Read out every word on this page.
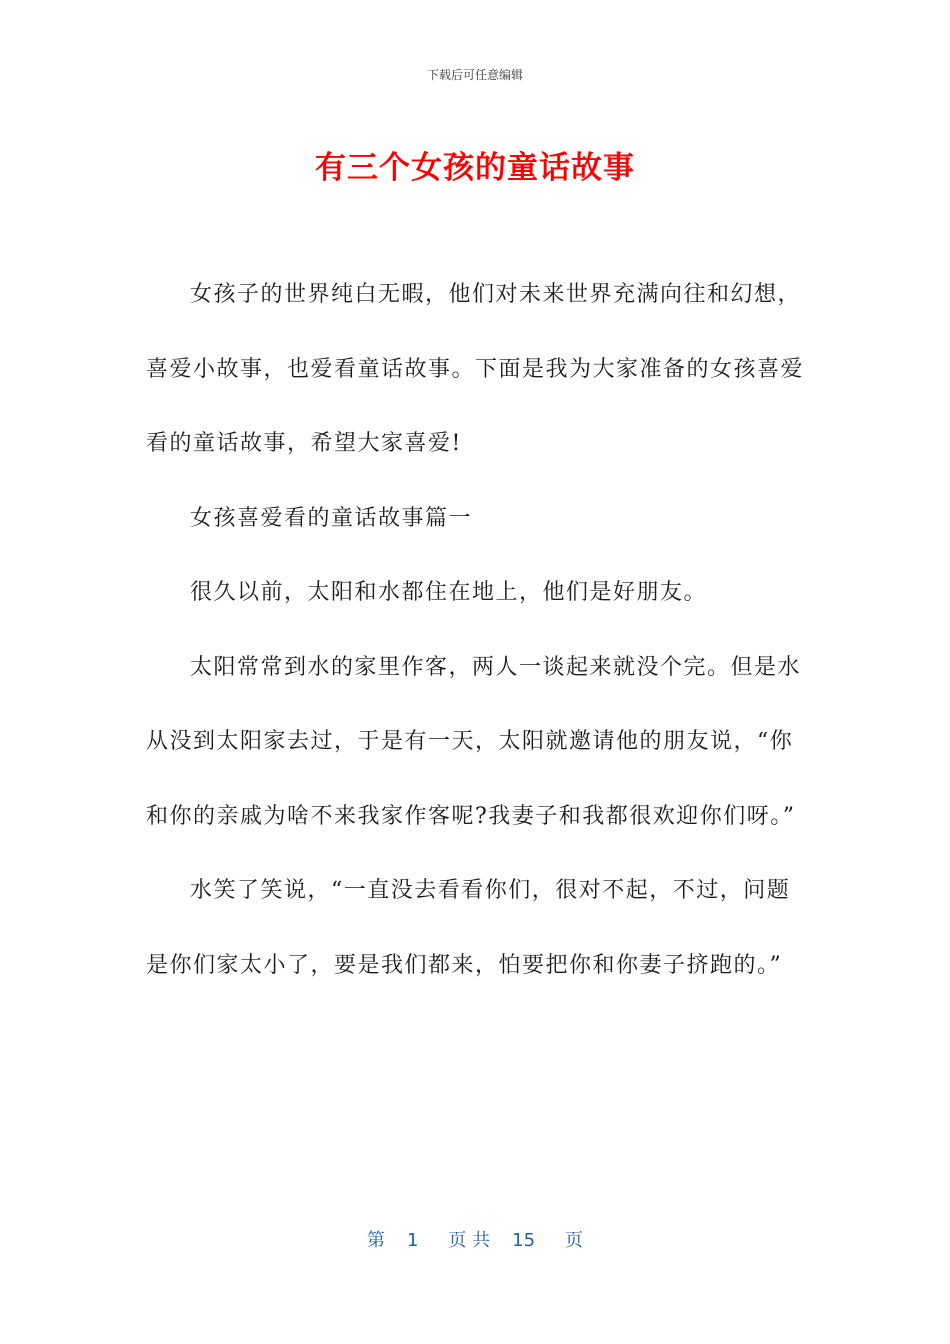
下载后可任意编辑
有三个女孩的童话故事

女孩子的世界纯白无暇，他们对未来世界充满向往和幻想，喜爱小故事，也爱看童话故事。下面是我为大家准备的女孩喜爱看的童话故事，希望大家喜爱!

女孩喜爱看的童话故事篇一

很久以前，太阳和水都住在地上，他们是好朋友。

太阳常常到水的家里作客，两人一谈起来就没个完。但是水从没到太阳家去过，于是有一天，太阳就邀请他的朋友说，“你和你的亲戚为啥不来我家作客呢?我妻子和我都很欢迎你们呀。”

水笑了笑说，“一直没去看看你们，很对不起，不过，问题是你们家太小了，要是我们都来，怕要把你和你妻子挤跑的。”

第 1 页 共 15 页
